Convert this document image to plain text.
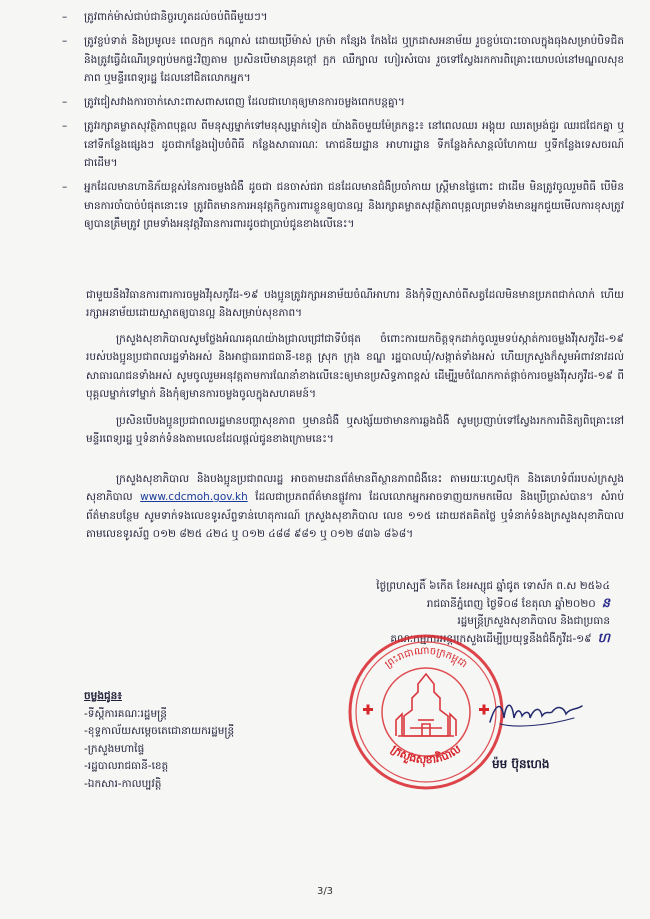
– ត្រូវពាក់ម៉ាស់ជាប់ជានិច្ចរហូតដល់ចប់ពិធីមួយៗ។
– ត្រូវខ្ចប់ទាត់ និងប្រមូល៖ ពេលក្អក កណ្តាស់ ដោយប្រើម៉ាស់ ក្រម៉ា កន្សែង កែងដៃ ឬក្រដាសអនាម័យ រួចខ្ចប់បោះចោលក្នុងធុងសម្រាប់បិទជិត និងត្រូវធ្វើដំណើរទ្រព្យប់មកផ្ទះវិញតាម ប្រសិនបើមានគ្រុនក្តៅ ក្អក ឈឺក្បាល ហៀរសំបោរ រួចទៅស្វែងរកការពិគ្រោះយោបល់នៅមណ្ឌលសុខភាព ឬមន្ទីរពេទ្យរដ្ឋ ដែលនៅជិតលោកអ្នក។
– ត្រូវជៀសវាងការចាក់សោះពាសពាសពេញ ដែលជាហេតុឲ្យមានការចម្លងពេកបន្តគ្នា។
– ត្រូវរក្សាគម្លាតសុវត្ថិភាពបុគ្គល ពីមនុស្សម្នាក់ទៅមនុស្សម្នាក់ទៀត យ៉ាងតិចមួយម៉ែត្រកន្លះ៖ នៅពេលឈរ អង្គុយ ឈរតម្រង់ជួរ ឈរជជែកគ្នា ឬនៅទីកន្លែងផ្សេងៗ ដូចជាកន្លែងរៀបចំពិធី កន្លែងសាធារណៈ ភោជនីយដ្ឋាន អាហារដ្ឋាន ទីកន្លែងកំសាន្តលំហែកាយ ឬទីកន្លែងទេសចរណ៍ ជាដើម។
– អ្នកដែលមានហានិភ័យខ្ពស់នៃការចម្លងជំងឺ ដូចជា ជនចាស់ជរា ជនដែលមានជំងឺប្រចាំកាយ ស្ត្រីមានផ្ទៃពោះ ជាដើម មិនត្រូវចូលរួមពិធី បើមិនមានការចាំបាច់បំផុតនោះទេ ត្រូវពិតមានការអនុវត្តកិច្ចការពារខ្លួនឲ្យបានល្អ និងរក្សាគម្លាតសុវត្ថិភាពបុគ្គលព្រមទាំងមានអ្នកជួយមើលការខុសត្រូវឲ្យបានត្រឹមត្រូវ ព្រមទាំងអនុវត្តវិធានការពារដូចជាប្រាប់ជូនខាងលើនេះ។

ជាមួយនឹងវិធានការពារការចម្លងវីរុសកូវីដ-១៩ បងប្អូនត្រូវរក្សាអនាម័យចំណីអាហារ និងកុំទិញសាច់ពីសត្វដែលមិនមានប្រភពជាក់លាក់ ហើយរក្សាអនាម័យដោយស្អាតឲ្យបានល្អ និងសម្រាប់សុខភាព។

ក្រសួងសុខាភិបាលសូមថ្លែងអំណរគុណយ៉ាងជ្រាលជ្រៅជាទីបំផុត ចំពោះការយកចិត្តទុកដាក់ចូលរួមទប់ស្កាត់ការចម្លងវីរុសកូវីដ-១៩ របស់បងប្អូនប្រជាពលរដ្ឋទាំងអស់ និងអាជ្ញាធររាជធានី-ខេត្ត ស្រុក ក្រុង ខណ្ឌ រដ្ឋបាលឃុំ/សង្កាត់ទាំងអស់ ហើយក្រសួងក៏សូមអំពាវនាវដល់សាធារណជនទាំងអស់ សូមចូលរួមអនុវត្តតាមការណែនាំខាងលើនេះឲ្យមានប្រសិទ្ធភាពខ្ពស់ ដើម្បីរួមចំណែកកាត់ផ្តាច់ការចម្លងវីរុសកូវីដ-១៩ ពីបុគ្គលម្នាក់ទៅម្នាក់ និងកុំឲ្យមានការចម្លងចូលក្នុងសហគមន៍។

ប្រសិនបើបងប្អូនប្រជាពលរដ្ឋមានបញ្ហាសុខភាព ឬមានជំងឺ ឬសង្ស័យថាមានការឆ្លងជំងឺ សូមប្រញាប់ទៅស្វែងរកការពិនិត្យពិគ្រោះនៅមន្ទីរពេទ្យរដ្ឋ ឬទំនាក់ទំនងតាមលេខដែលផ្តល់ជូនខាងក្រោមនេះ។

ក្រសួងសុខាភិបាល និងបងប្អូនប្រជាពលរដ្ឋ អាចតាមដានព័ត៌មានពីស្ថានភាពជំងឺនេះ តាមរយៈហ្វេសប៊ុក និងគេហទំព័ររបស់ក្រសួងសុខាភិបាល www.cdcmoh.gov.kh ដែលជាប្រភពព័ត៌មានផ្លូវការ ដែលលោកអ្នកអាចទាញយកមកមើល និងប្រើប្រាស់បាន។ សំរាប់ព័ត៌មានបន្ថែម សូមទាក់ទងលេខទូរស័ព្ទទាន់ហេតុការណ៍ ក្រសួងសុខាភិបាល លេខ ១១៥ ដោយឥតគិតថ្លៃ ឬទំនាក់ទំនងក្រសួងសុខាភិបាល តាមលេខទូរស័ព្ទ ០១២ ៨២៥ ៤២៤ ឬ ០១២ ៤៨៨ ៩៨១ ឬ ០១២ ៨៣៦ ៨៦៨។

ថ្ងៃព្រហស្បតិ៍ ៦កើត ខែអស្សុជ ឆ្នាំជូត ទោស័ក ព.ស ២៥៦៤
រាជធានីភ្នំពេញ ថ្ងៃទី០៨ ខែតុលា ឆ្នាំ២០២០ ន
រដ្ឋមន្ត្រីក្រសួងសុខាភិបាល និងជាប្រធាន
គណៈកម្មការអន្តរក្រសួងដើម្បីប្រយុទ្ធនឹងជំងឺកូវីដ-១៩ ហ
ព្រះរាជាណាចក្រកម្ពុជា
ក្រសួងសុខាភិបាល
ម៉ម ប៊ុនហេង
ចម្លងជូន៖
-ទីស្តីការគណៈរដ្ឋមន្ត្រី
-ខុទ្ទកាល័យសម្តេចតេជោនាយករដ្ឋមន្ត្រី
-ក្រសួងមហាផ្ទៃ
-រដ្ឋបាលរាជធានី-ខេត្ត
-ឯកសារ-កាលប្បវត្តិ
3/3
